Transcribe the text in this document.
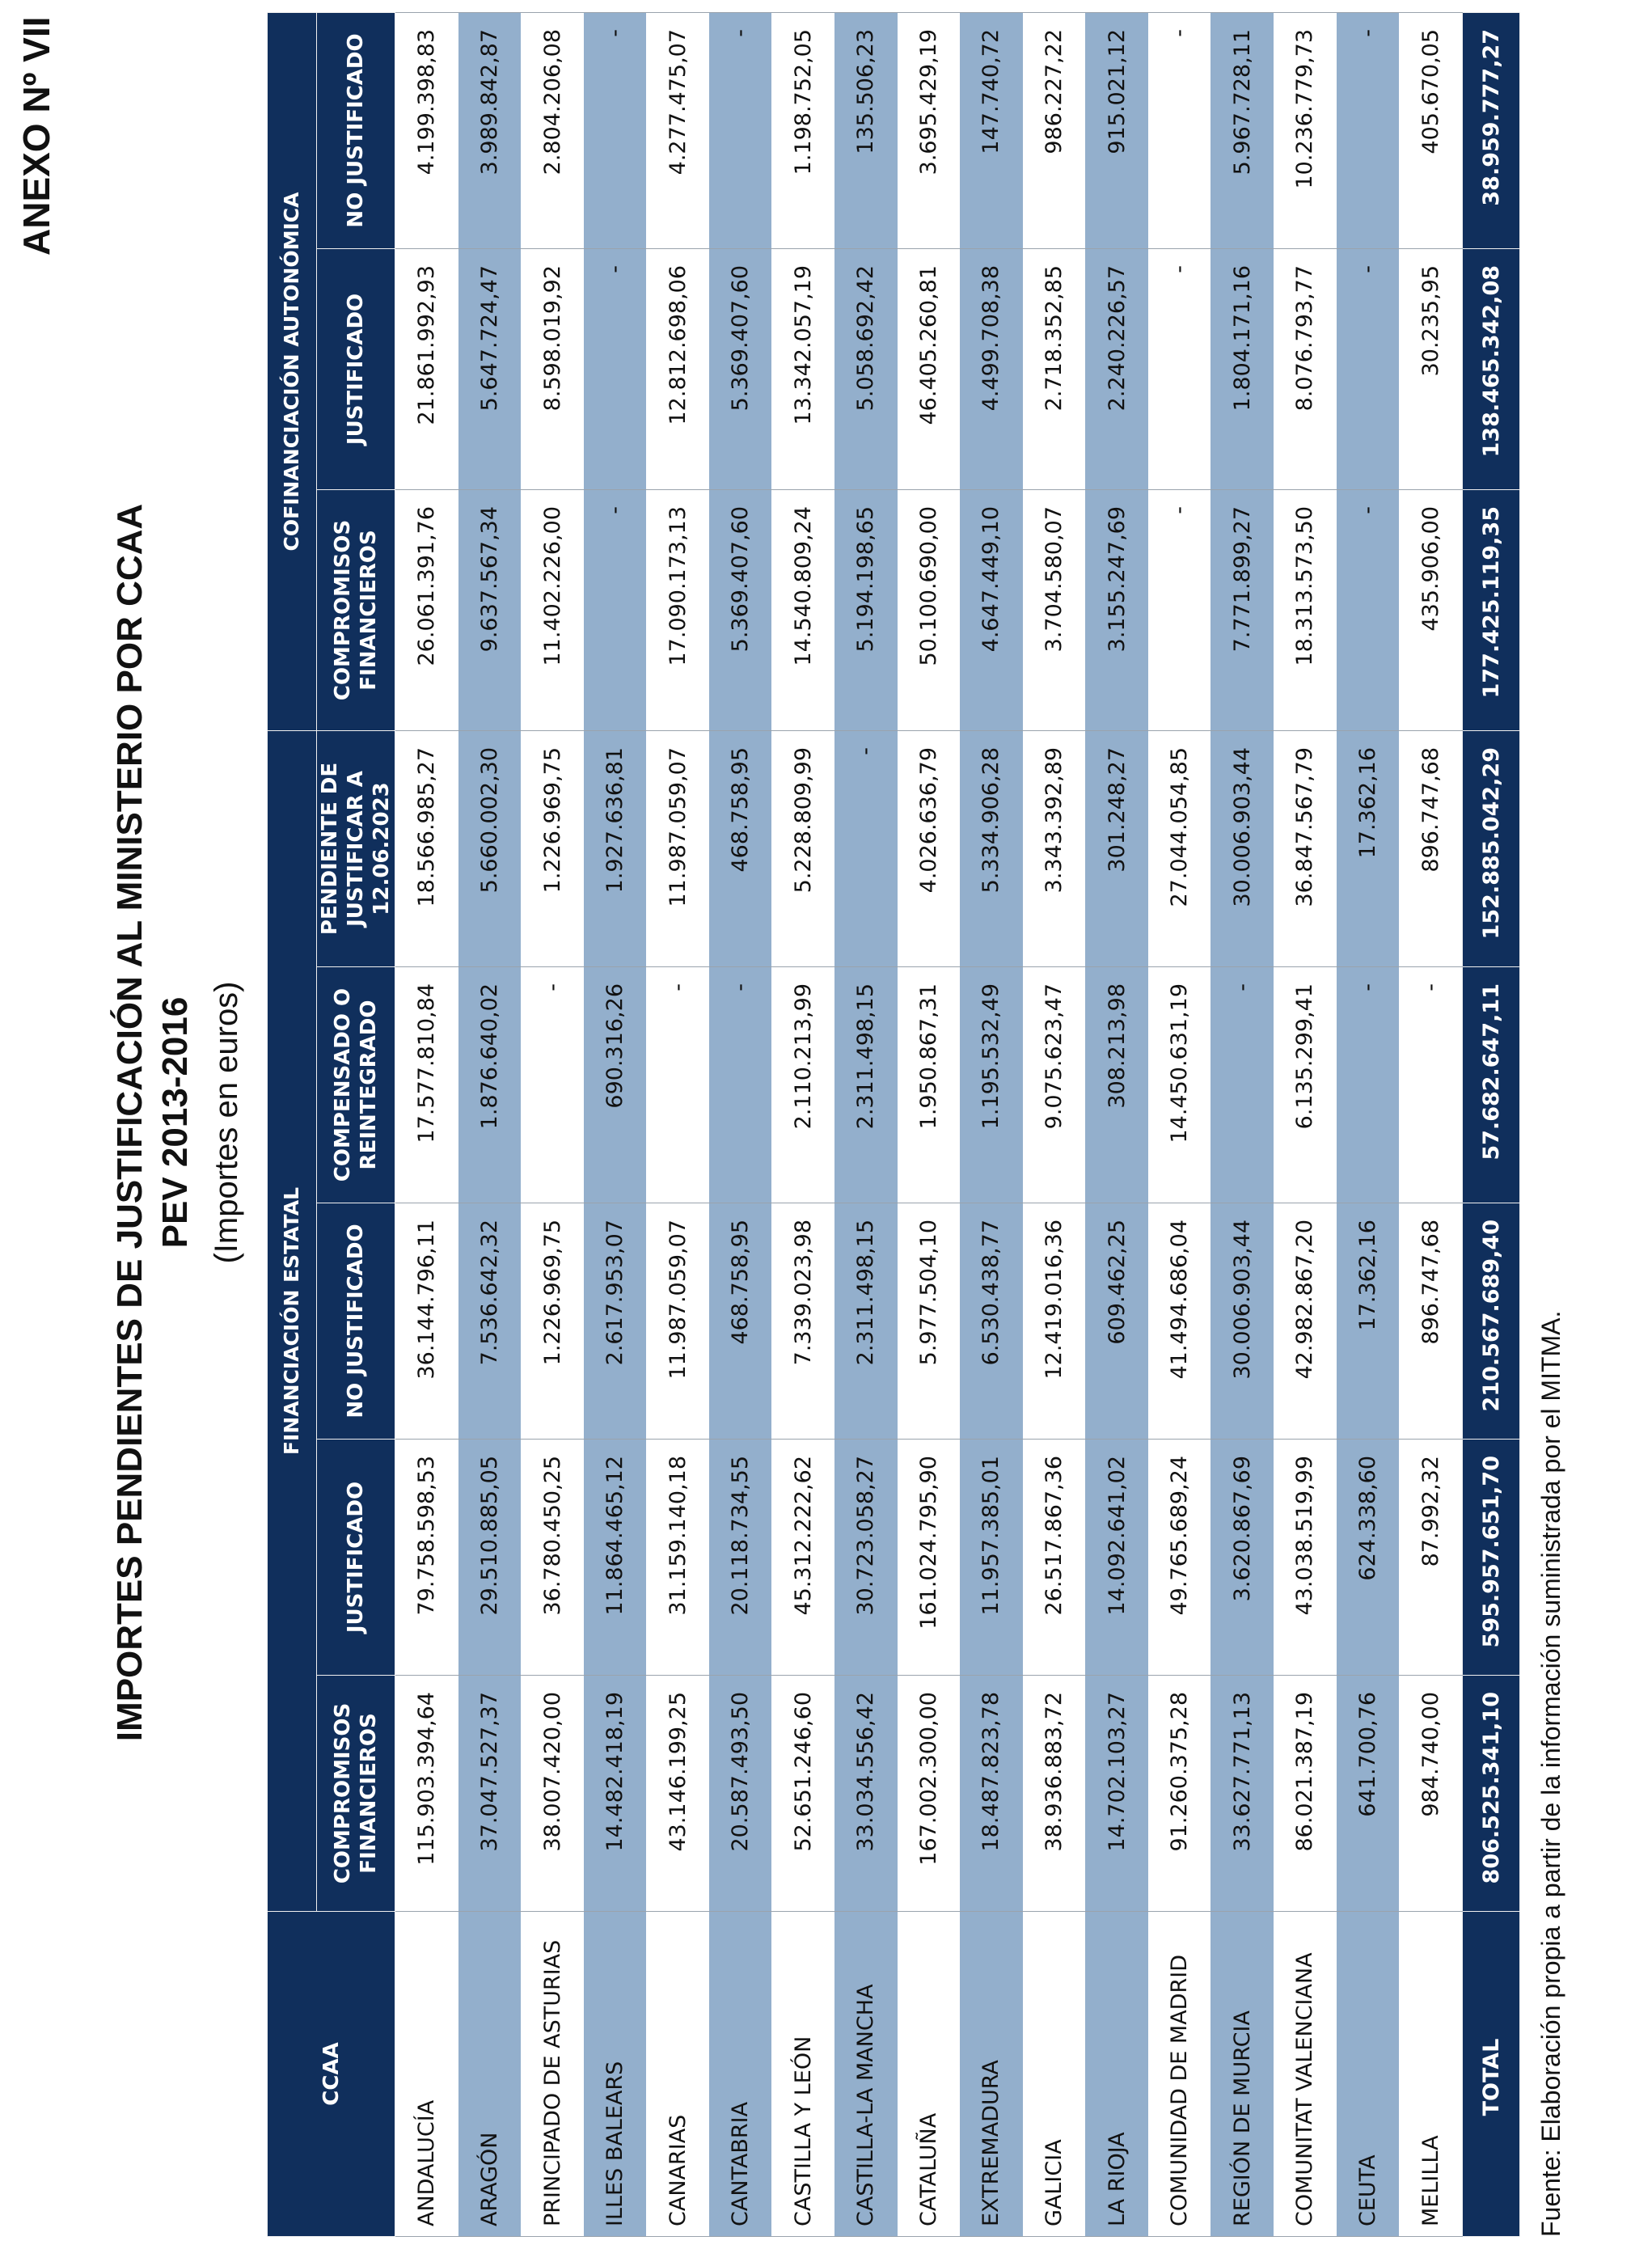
ANEXO Nº VII
IMPORTES PENDIENTES DE JUSTIFICACIÓN AL MINISTERIO POR CCAA PEV 2013-2016 (Importes en euros)
CCAA	FINANCIACIÓN ESTATAL					COFINANCIACIÓN AUTONÓMICA		
	COMPROMISOS FINANCIEROS	JUSTIFICADO	NO JUSTIFICADO	COMPENSADO O REINTEGRADO	PENDIENTE DE JUSTIFICAR A 12.06.2023	COMPROMISOS FINANCIEROS	JUSTIFICADO	NO JUSTIFICADO
ANDALUCÍA	115.903.394,64	79.758.598,53	36.144.796,11	17.577.810,84	18.566.985,27	26.061.391,76	21.861.992,93	4.199.398,83
ARAGÓN	37.047.527,37	29.510.885,05	7.536.642,32	1.876.640,02	5.660.002,30	9.637.567,34	5.647.724,47	3.989.842,87
PRINCIPADO DE ASTURIAS	38.007.420,00	36.780.450,25	1.226.969,75	-	1.226.969,75	11.402.226,00	8.598.019,92	2.804.206,08
ILLES BALEARS	14.482.418,19	11.864.465,12	2.617.953,07	690.316,26	1.927.636,81	-	-	-
CANARIAS	43.146.199,25	31.159.140,18	11.987.059,07	-	11.987.059,07	17.090.173,13	12.812.698,06	4.277.475,07
CANTABRIA	20.587.493,50	20.118.734,55	468.758,95	-	468.758,95	5.369.407,60	5.369.407,60	-
CASTILLA Y LEÓN	52.651.246,60	45.312.222,62	7.339.023,98	2.110.213,99	5.228.809,99	14.540.809,24	13.342.057,19	1.198.752,05
CASTILLA-LA MANCHA	33.034.556,42	30.723.058,27	2.311.498,15	2.311.498,15	-	5.194.198,65	5.058.692,42	135.506,23
CATALUÑA	167.002.300,00	161.024.795,90	5.977.504,10	1.950.867,31	4.026.636,79	50.100.690,00	46.405.260,81	3.695.429,19
EXTREMADURA	18.487.823,78	11.957.385,01	6.530.438,77	1.195.532,49	5.334.906,28	4.647.449,10	4.499.708,38	147.740,72
GALICIA	38.936.883,72	26.517.867,36	12.419.016,36	9.075.623,47	3.343.392,89	3.704.580,07	2.718.352,85	986.227,22
LA RIOJA	14.702.103,27	14.092.641,02	609.462,25	308.213,98	301.248,27	3.155.247,69	2.240.226,57	915.021,12
COMUNIDAD DE MADRID	91.260.375,28	49.765.689,24	41.494.686,04	14.450.631,19	27.044.054,85	-	-	-
REGIÓN DE MURCIA	33.627.771,13	3.620.867,69	30.006.903,44	-	30.006.903,44	7.771.899,27	1.804.171,16	5.967.728,11
COMUNITAT VALENCIANA	86.021.387,19	43.038.519,99	42.982.867,20	6.135.299,41	36.847.567,79	18.313.573,50	8.076.793,77	10.236.779,73
CEUTA	641.700,76	624.338,60	17.362,16	-	17.362,16	-	-	-
MELILLA	984.740,00	87.992,32	896.747,68	-	896.747,68	435.906,00	30.235,95	405.670,05
TOTAL	806.525.341,10	595.957.651,70	210.567.689,40	57.682.647,11	152.885.042,29	177.425.119,35	138.465.342,08	38.959.777,27
Fuente: Elaboración propia a partir de la información suministrada por el MITMA.
